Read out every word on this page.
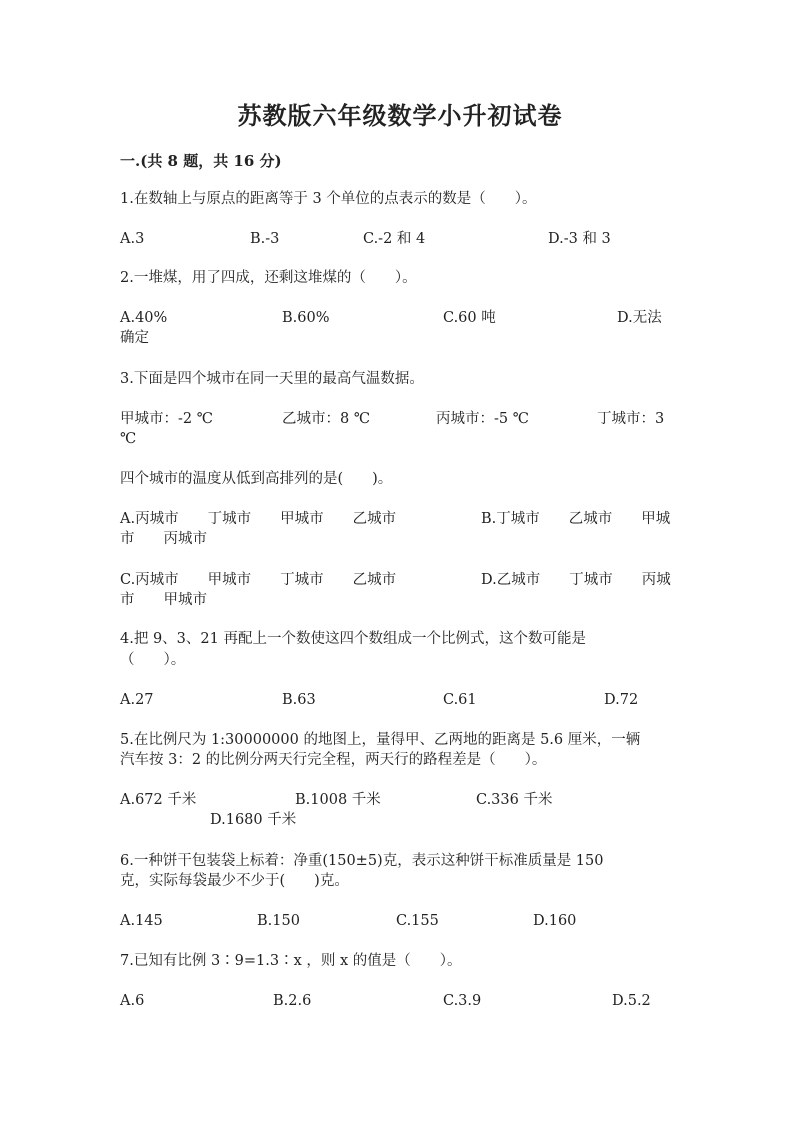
苏教版六年级数学小升初试卷
一.(共 8 题，共 16 分)
1.在数轴上与原点的距离等于 3 个单位的点表示的数是（　　）。
A.3	B.-3	C.-2 和 4	D.-3 和 3
2.一堆煤，用了四成，还剩这堆煤的（　　）。
A.40%	B.60%	C.60 吨	D.无法
确定
3.下面是四个城市在同一天里的最高气温数据。
甲城市：-2 ℃	乙城市：8 ℃	丙城市：-5 ℃	丁城市：3
℃
四个城市的温度从低到高排列的是(　　)。
A.丙城市　　丁城市　　甲城市　　乙城市	B.丁城市　　乙城市　　甲城
市　　丙城市
C.丙城市　　甲城市　　丁城市　　乙城市	D.乙城市　　丁城市　　丙城
市　　甲城市
4.把 9、3、21 再配上一个数使这四个数组成一个比例式，这个数可能是
（　　）。
A.27	B.63	C.61	D.72
5.在比例尺为 1:30000000 的地图上，量得甲、乙两地的距离是 5.6 厘米，一辆
汽车按 3：2 的比例分两天行完全程，两天行的路程差是（　　）。
A.672 千米	B.1008 千米	C.336 千米
D.1680 千米
6.一种饼干包装袋上标着：净重(150±5)克，表示这种饼干标准质量是 150
克，实际每袋最少不少于(　　)克。
A.145	B.150	C.155	D.160
7.已知有比例 3∶9=1.3∶x ，则 x 的值是（　　）。
A.6	B.2.6	C.3.9	D.5.2
